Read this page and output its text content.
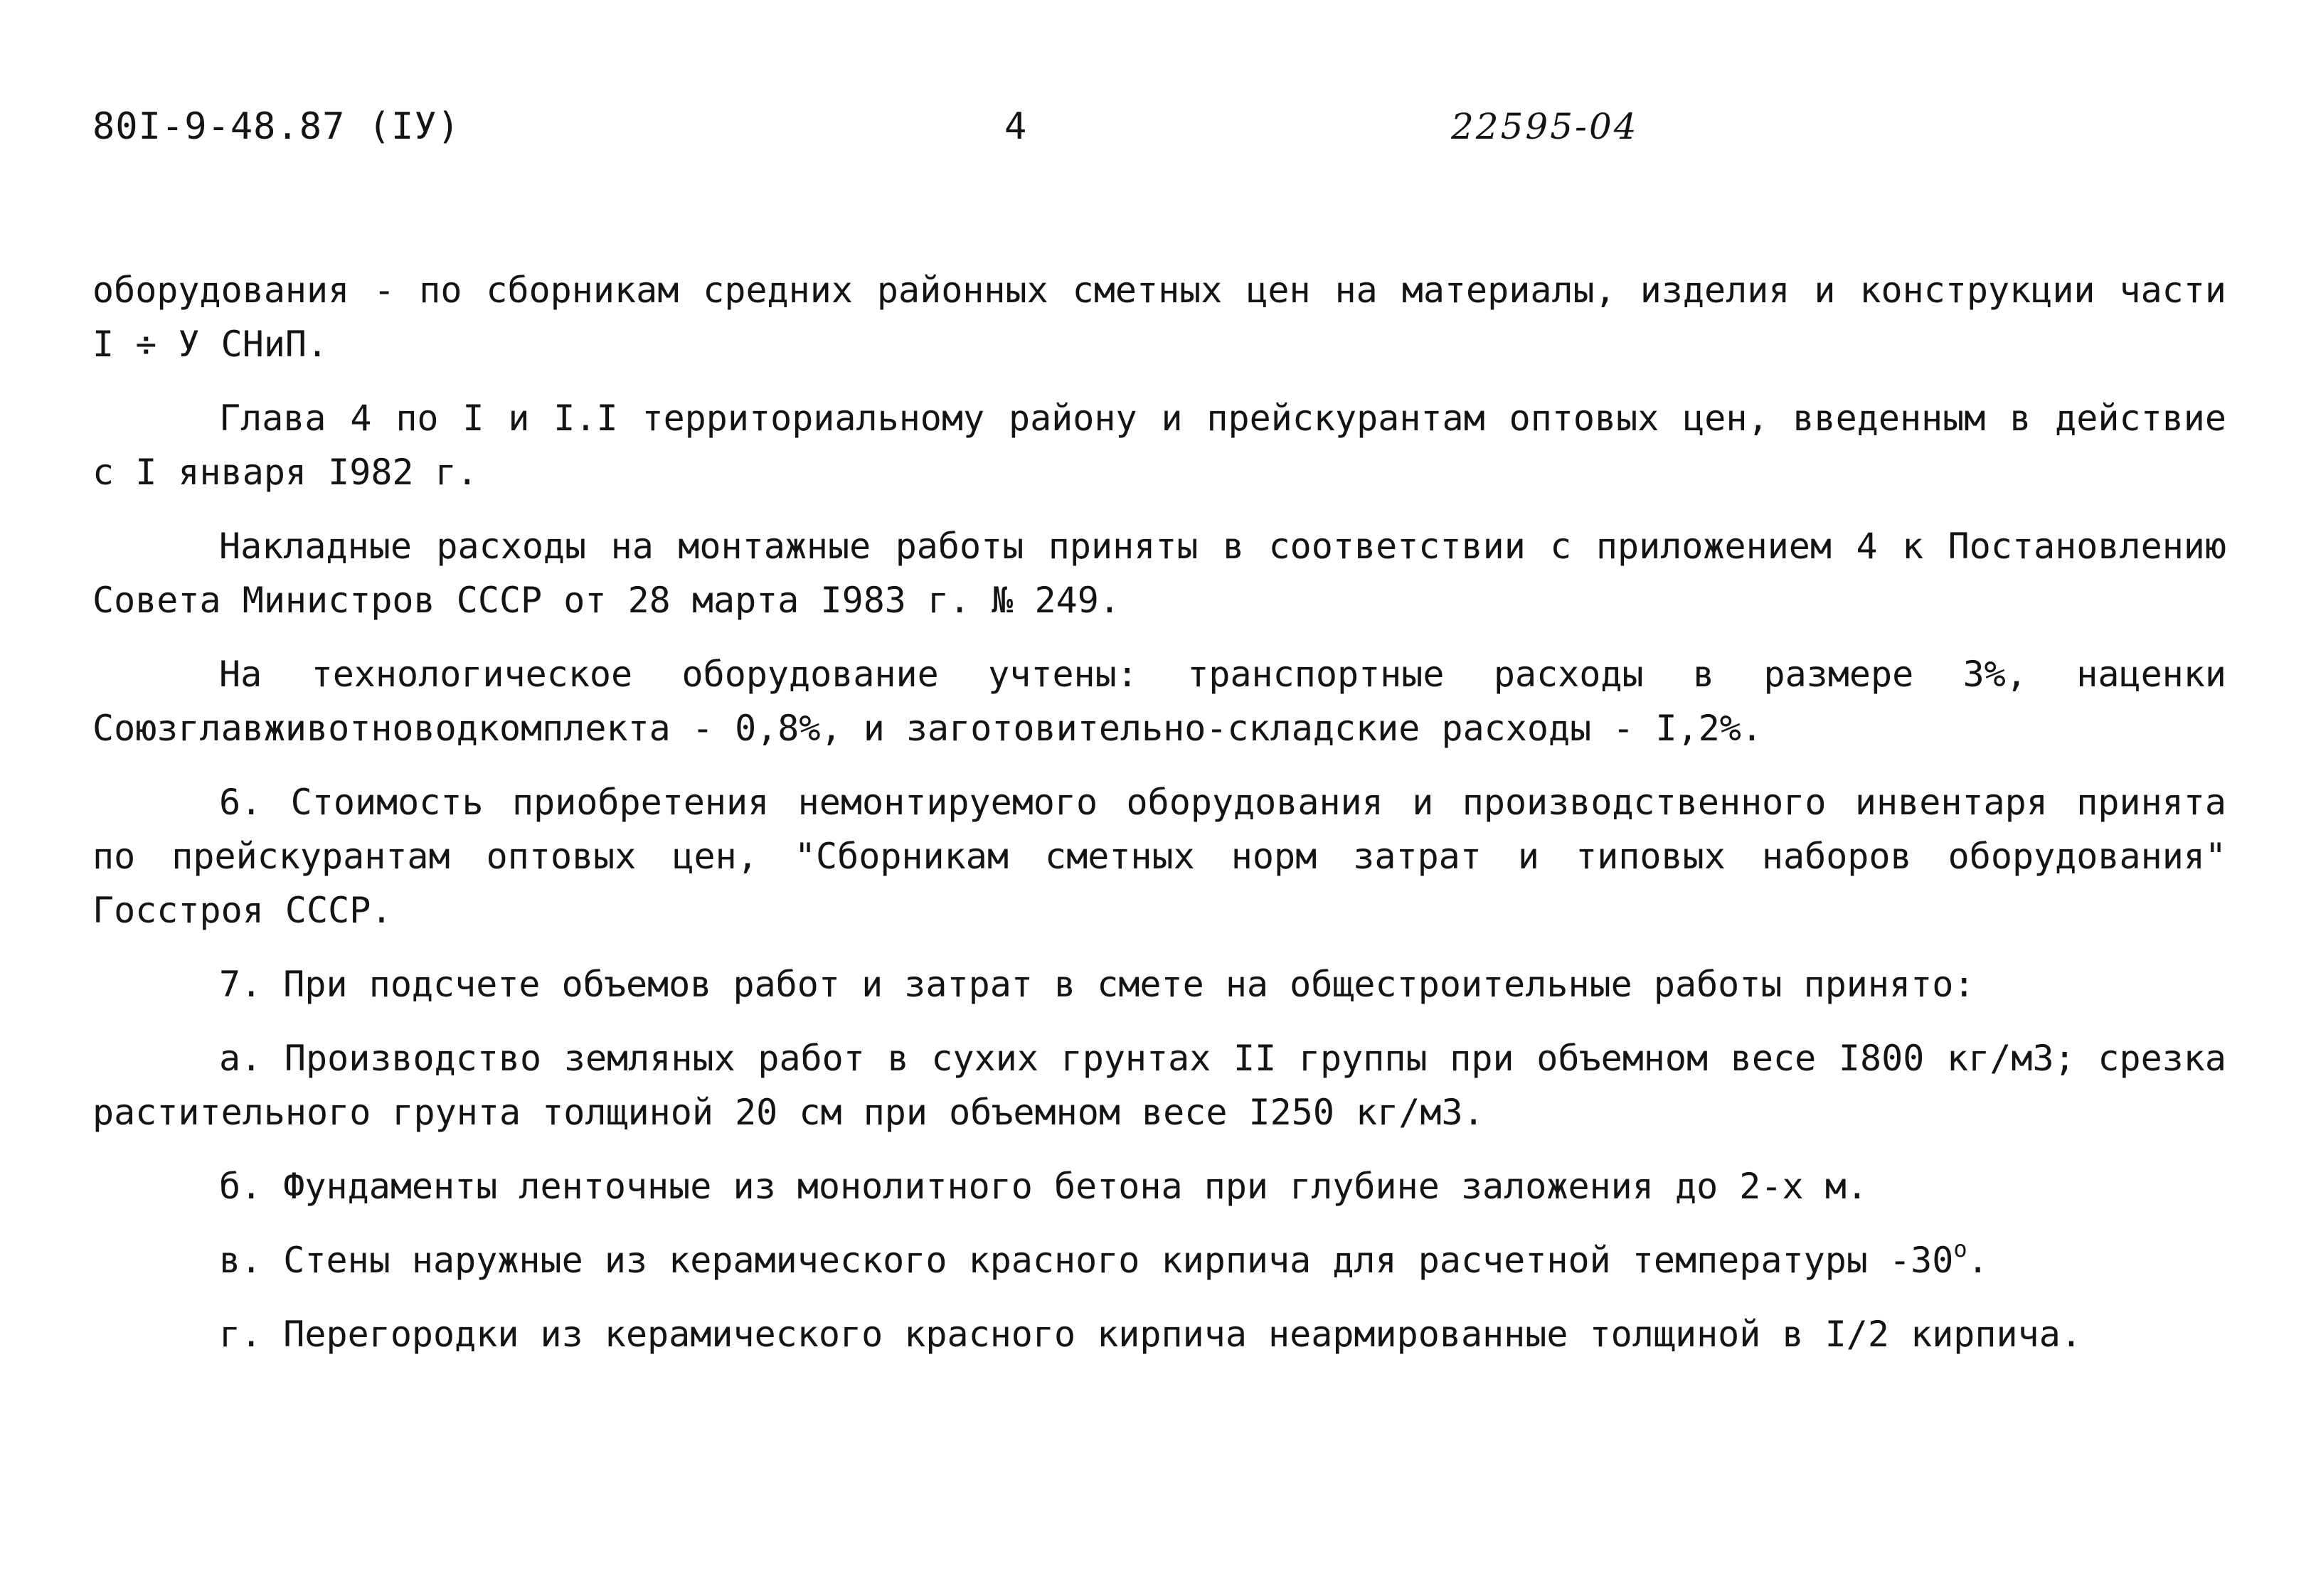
80I-9-48.87 (IУ)	4	22595-04

оборудования - по сборникам средних районных сметных цен на материалы, изделия и конструкции части I ÷ У СНиП.

Глава 4 по I и I.I территориальному району и прейскурантам оптовых цен, введенным в действие с I января I982 г.

Накладные расходы на монтажные работы приняты в соответствии с приложением 4 к Постановлению Совета Министров СССР от 28 марта I983 г. № 249.

На технологическое оборудование учтены: транспортные расходы в размере 3%, наценки Союзглавживотноводкомплекта - 0,8%, и заготовительно-складские расходы - I,2%.

6. Стоимость приобретения немонтируемого оборудования и производственного инвентаря принята по прейскурантам оптовых цен, "Сборникам сметных норм затрат и типовых наборов оборудования" Госстроя СССР.

7. При подсчете объемов работ и затрат в смете на общестроительные работы принято:

а. Производство земляных работ в сухих грунтах II группы при объемном весе I800 кг/м3; срезка растительного грунта толщиной 20 см при объемном весе I250 кг/м3.

б. Фундаменты ленточные из монолитного бетона при глубине заложения до 2-х м.

в. Стены наружные из керамического красного кирпича для расчетной температуры -30$^o$.

г. Перегородки из керамического красного кирпича неармированные толщиной в I/2 кирпича.
